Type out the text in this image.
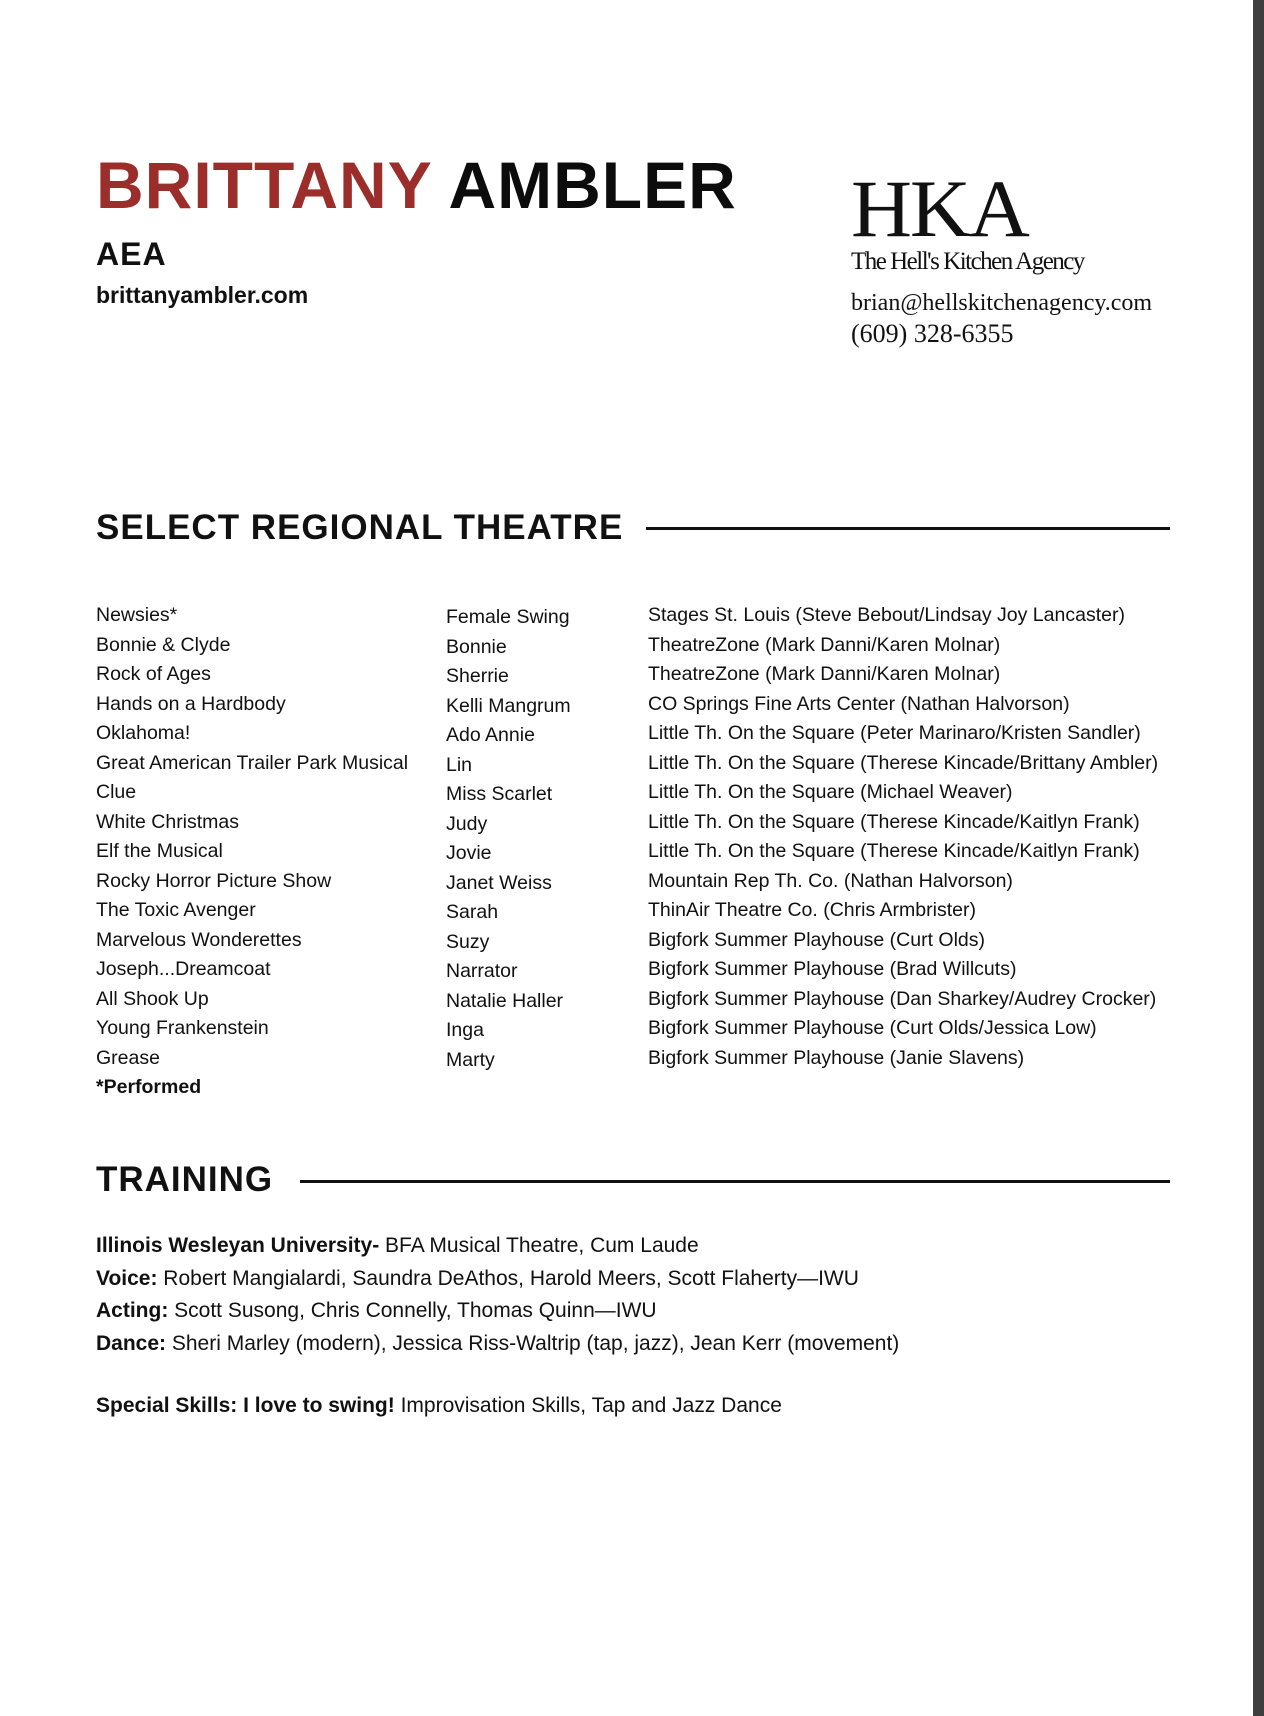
BRITTANY AMBLER
AEA
brittanyambler.com
HKA
The Hell's Kitchen Agency
brian@hellskitchenagency.com
(609) 328-6355
SELECT REGIONAL THEATRE
Newsies*
Bonnie & Clyde
Rock of Ages
Hands on a Hardbody
Oklahoma!
Great American Trailer Park Musical
Clue
White Christmas
Elf the Musical
Rocky Horror Picture Show
The Toxic Avenger
Marvelous Wonderettes
Joseph...Dreamcoat
All Shook Up
Young Frankenstein
Grease
*Performed
Female Swing
Bonnie
Sherrie
Kelli Mangrum
Ado Annie
Lin
Miss Scarlet
Judy
Jovie
Janet Weiss
Sarah
Suzy
Narrator
Natalie Haller
Inga
Marty
Stages St. Louis (Steve Bebout/Lindsay Joy Lancaster)
TheatreZone (Mark Danni/Karen Molnar)
TheatreZone (Mark Danni/Karen Molnar)
CO Springs Fine Arts Center (Nathan Halvorson)
Little Th. On the Square (Peter Marinaro/Kristen Sandler)
Little Th. On the Square (Therese Kincade/Brittany Ambler)
Little Th. On the Square (Michael Weaver)
Little Th. On the Square (Therese Kincade/Kaitlyn Frank)
Little Th. On the Square (Therese Kincade/Kaitlyn Frank)
Mountain Rep Th. Co. (Nathan Halvorson)
ThinAir Theatre Co. (Chris Armbrister)
Bigfork Summer Playhouse (Curt Olds)
Bigfork Summer Playhouse (Brad Willcuts)
Bigfork Summer Playhouse (Dan Sharkey/Audrey Crocker)
Bigfork Summer Playhouse (Curt Olds/Jessica Low)
Bigfork Summer Playhouse (Janie Slavens)
TRAINING
Illinois Wesleyan University- BFA Musical Theatre, Cum Laude
Voice: Robert Mangialardi, Saundra DeAthos, Harold Meers, Scott Flaherty—IWU
Acting: Scott Susong, Chris Connelly, Thomas Quinn—IWU
Dance: Sheri Marley (modern), Jessica Riss-Waltrip (tap, jazz), Jean Kerr (movement)
Special Skills: I love to swing! Improvisation Skills, Tap and Jazz Dance
